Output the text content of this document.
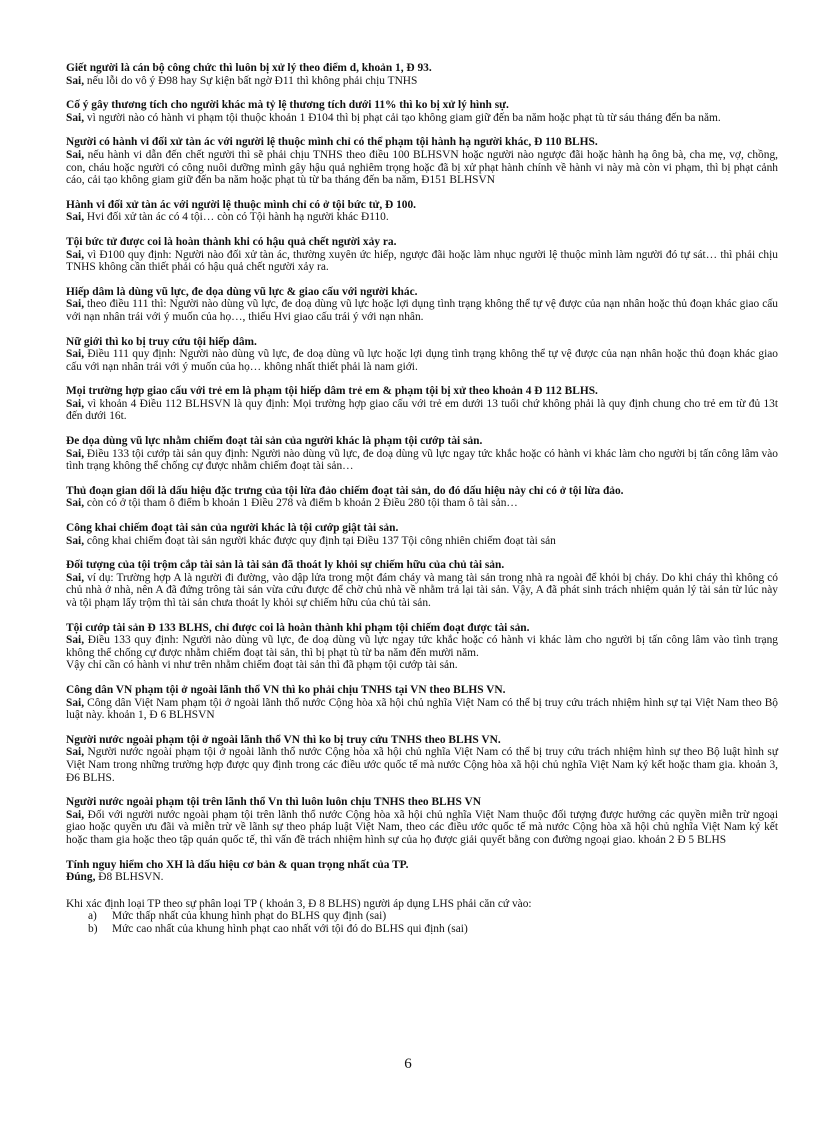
Giết người là cán bộ công chức thì luôn bị xử lý theo điểm d, khoản 1, Đ 93.
Sai, nếu lỗi do vô ý Đ98 hay Sự kiện bất ngờ Đ11 thì không phải chịu TNHS
Cố ý gây thương tích cho người khác mà tỷ lệ thương tích dưới 11% thì ko bị xử lý hình sự.
Sai, vì người nào có hành vi phạm tội thuộc khoản 1 Đ104 thì bị phạt cải tạo không giam giữ đến ba năm hoặc phạt tù từ sáu tháng đến ba năm.
Người có hành vi đối xử tàn ác với người lệ thuộc mình chỉ có thể phạm tội hành hạ người khác, Đ 110 BLHS.
Sai, nếu hành vi dẫn đến chết người thì sẽ phải chịu TNHS theo điều 100 BLHSVN hoặc người nào ngược đãi hoặc hành hạ ông bà, cha mẹ, vợ, chồng, con, cháu hoặc người có công nuôi dưỡng mình gây hậu quả nghiêm trọng hoặc đã bị xử phạt hành chính về hành vi này mà còn vi phạm, thì bị phạt cảnh cáo, cải tạo không giam giữ đến ba năm hoặc phạt tù từ ba tháng đến ba năm, Đ151 BLHSVN
Hành vi đối xử tàn ác với người lệ thuộc mình chỉ có ở tội bức tử, Đ 100.
Sai, Hvi đối xử tàn ác có 4 tội… còn có Tội hành hạ người khác Đ110.
Tội bức tử được coi là hoàn thành khi có hậu quả chết người xảy ra.
Sai, vì Đ100 quy định: Người nào đối xử tàn ác, thường xuyên ức hiếp, ngược đãi hoặc làm nhục người lệ thuộc mình làm người đó tự sát… thì phải chịu TNHS không cần thiết phải có hậu quả chết người xảy ra.
Hiếp dâm là dùng vũ lực, đe dọa dùng vũ lực & giao cấu với người khác.
Sai, theo điều 111 thì: Người nào dùng vũ lực, đe doạ dùng vũ lực hoặc lợi dụng tình trạng không thể tự vệ được của nạn nhân hoặc thủ đoạn khác giao cấu với nạn nhân trái với ý muốn của họ…, thiếu Hvi giao cấu trái ý với nạn nhân.
Nữ giới thì ko bị truy cứu tội hiếp dâm.
Sai, Điều 111 quy định: Người nào dùng vũ lực, đe doạ dùng vũ lực hoặc lợi dụng tình trạng không thể tự vệ được của nạn nhân hoặc thủ đoạn khác giao cấu với nạn nhân trái với ý muốn của họ… không nhất thiết phải là nam giới.
Mọi trường hợp giao cấu với trẻ em là phạm tội hiếp dâm trẻ em & phạm tội bị xử theo khoản 4 Đ 112 BLHS.
Sai, vì khoản 4 Điều 112 BLHSVN là quy định: Mọi trường hợp giao cấu với trẻ em dưới 13 tuổi chứ không phải là quy định chung cho trẻ em từ đủ 13t đến dưới 16t.
Đe dọa dùng vũ lực nhằm chiếm đoạt tài sản của người khác là phạm tội cướp tài sản.
Sai, Điều 133 tội cướp tài sản quy định: Người nào dùng vũ lực, đe doạ dùng vũ lực ngay tức khắc hoặc có hành vi khác làm cho người bị tấn công lâm vào tình trạng không thể chống cự được nhằm chiếm đoạt tài sản…
Thủ đoạn gian dối là dấu hiệu đặc trưng của tội lừa đảo chiếm đoạt tài sản, do đó dấu hiệu này chỉ có ở tội lừa đảo.
Sai, còn có ở tội tham ô điểm b khoản 1 Điều 278 và điểm b khoản 2 Điều 280 tội tham ô tài sản…
Công khai chiếm đoạt tài sản của người khác là tội cướp giật tài sản.
Sai, công khai chiếm đoạt tài sản người khác được quy định tại Điều 137 Tội công nhiên chiếm đoạt tài sản
Đối tượng của tội trộm cắp tài sản là tài sản đã thoát ly khỏi sự chiếm hữu của chủ tài sản.
Sai, ví dụ: Trường hợp A là người đi đường, vào dập lửa trong một đám cháy và mang tài sản trong nhà ra ngoài để khỏi bị cháy. Do khi cháy thì không có chủ nhà ở nhà, nên A đã đứng trông tài sản vừa cứu được để chờ chủ nhà về nhằm trả lại tài sản. Vậy, A đã phát sinh trách nhiệm quản lý tài sản từ lúc này và tội phạm lấy trộm thì tài sản chưa thoát ly khỏi sự chiếm hữu của chủ tài sản.
Tội cướp tài sản Đ 133 BLHS, chỉ được coi là hoàn thành khi phạm tội chiếm đoạt được tài sản.
Sai, Điều 133 quy định: Người nào dùng vũ lực, đe doạ dùng vũ lực ngay tức khắc hoặc có hành vi khác làm cho người bị tấn công lâm vào tình trạng không thể chống cự được nhằm chiếm đoạt tài sản, thì bị phạt tù từ ba năm đến mười năm.
Vậy chỉ cần có hành vi như trên nhằm chiếm đoạt tài sản thì đã phạm tội cướp tài sản.
Công dân VN phạm tội ở ngoài lãnh thổ VN thì ko phải chịu TNHS tại VN theo BLHS VN.
Sai, Công dân Việt Nam phạm tội ở ngoài lãnh thổ nước Cộng hòa xã hội chủ nghĩa Việt Nam có thể bị truy cứu trách nhiệm hình sự tại Việt Nam theo Bộ luật này. khoản 1, Đ 6 BLHSVN
Người nước ngoài phạm tội ở ngoài lãnh thổ VN thì ko bị truy cứu TNHS theo BLHS VN.
Sai, Người nước ngoài phạm tội ở ngoài lãnh thổ nước Cộng hòa xã hội chủ nghĩa Việt Nam có thể bị truy cứu trách nhiệm hình sự theo Bộ luật hình sự Việt Nam trong những trường hợp được quy định trong các điều ước quốc tế mà nước Cộng hòa xã hội chủ nghĩa Việt Nam ký kết hoặc tham gia. khoản 3, Đ6 BLHS.
Người nước ngoài phạm tội trên lãnh thổ Vn thì luôn luôn chịu TNHS theo BLHS VN
Sai, Đối với người nước ngoài phạm tội trên lãnh thổ nước Cộng hòa xã hội chủ nghĩa Việt Nam thuộc đối tượng được hưởng các quyền miễn trừ ngoại giao hoặc quyền ưu đãi và miễn trừ về lãnh sự theo pháp luật Việt Nam, theo các điều ước quốc tế mà nước Cộng hòa xã hội chủ nghĩa Việt Nam ký kết hoặc tham gia hoặc theo tập quán quốc tế, thì vấn đề trách nhiệm hình sự của họ được giải quyết bằng con đường ngoại giao. khoản 2 Đ 5 BLHS
Tính nguy hiểm cho XH là dấu hiệu cơ bản & quan trọng nhất của TP.
Đúng, Đ8 BLHSVN.
Khi xác định loại TP theo sự phân loại TP ( khoản 3, Đ 8 BLHS) người áp dụng LHS phải căn cứ vào:
a)	Mức thấp nhất của khung hình phạt do BLHS quy định (sai)
b)	Mức cao nhất của khung hình phạt cao nhất với tội đó do BLHS qui định (sai)
6
